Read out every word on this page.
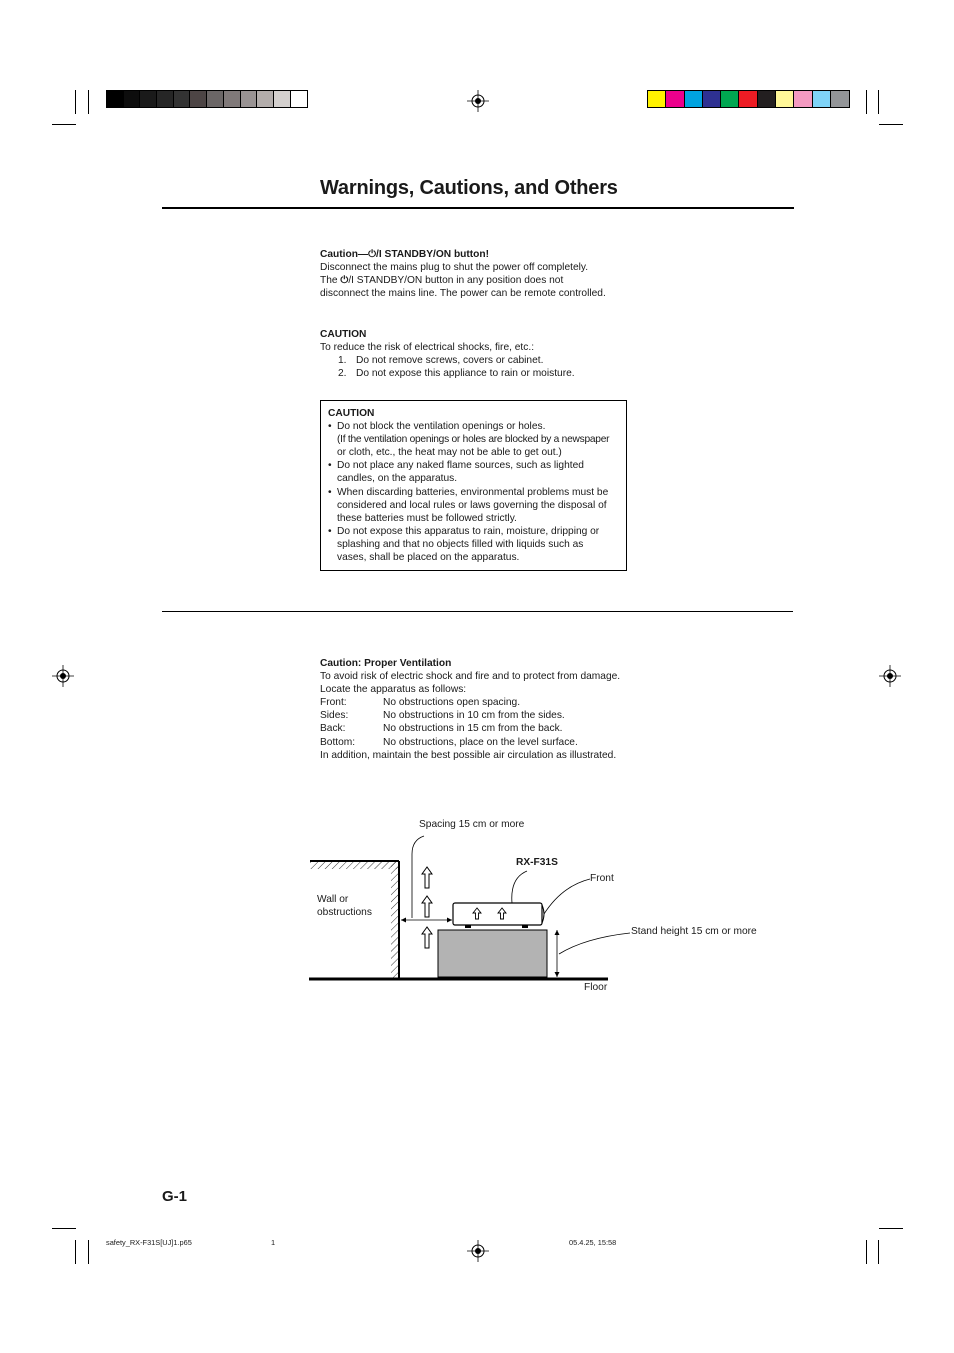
Warnings, Cautions, and Others

Caution—⏻/I STANDBY/ON button!

Disconnect the mains plug to shut the power off completely.

The ⏻/I STANDBY/ON button in any position does not

disconnect the mains line. The power can be remote controlled.

CAUTION

To reduce the risk of electrical shocks, fire, etc.:

1. Do not remove screws, covers or cabinet.
2. Do not expose this appliance to rain or moisture.
CAUTION
• Do not block the ventilation openings or holes.
(If the ventilation openings or holes are blocked by a newspaper
or cloth, etc., the heat may not be able to get out.)
• Do not place any naked flame sources, such as lighted
candles, on the apparatus.
• When discarding batteries, environmental problems must be
considered and local rules or laws governing the disposal of
these batteries must be followed strictly.
• Do not expose this apparatus to rain, moisture, dripping or
splashing and that no objects filled with liquids such as
vases, shall be placed on the apparatus.

Caution: Proper Ventilation

To avoid risk of electric shock and fire and to protect from damage.

Locate the apparatus as follows:

Front:	No obstructions open spacing.
Sides:	No obstructions in 10 cm from the sides.
Back:	No obstructions in 15 cm from the back.
Bottom:	No obstructions, place on the level surface.

In addition, maintain the best possible air circulation as illustrated.

Spacing 15 cm or more
RX-F31S
Front
Wall or
obstructions
Stand height 15 cm or more
Floor
G-1
safety_RX-F31S[UJ]1.p65	1	05.4.25, 15:58
